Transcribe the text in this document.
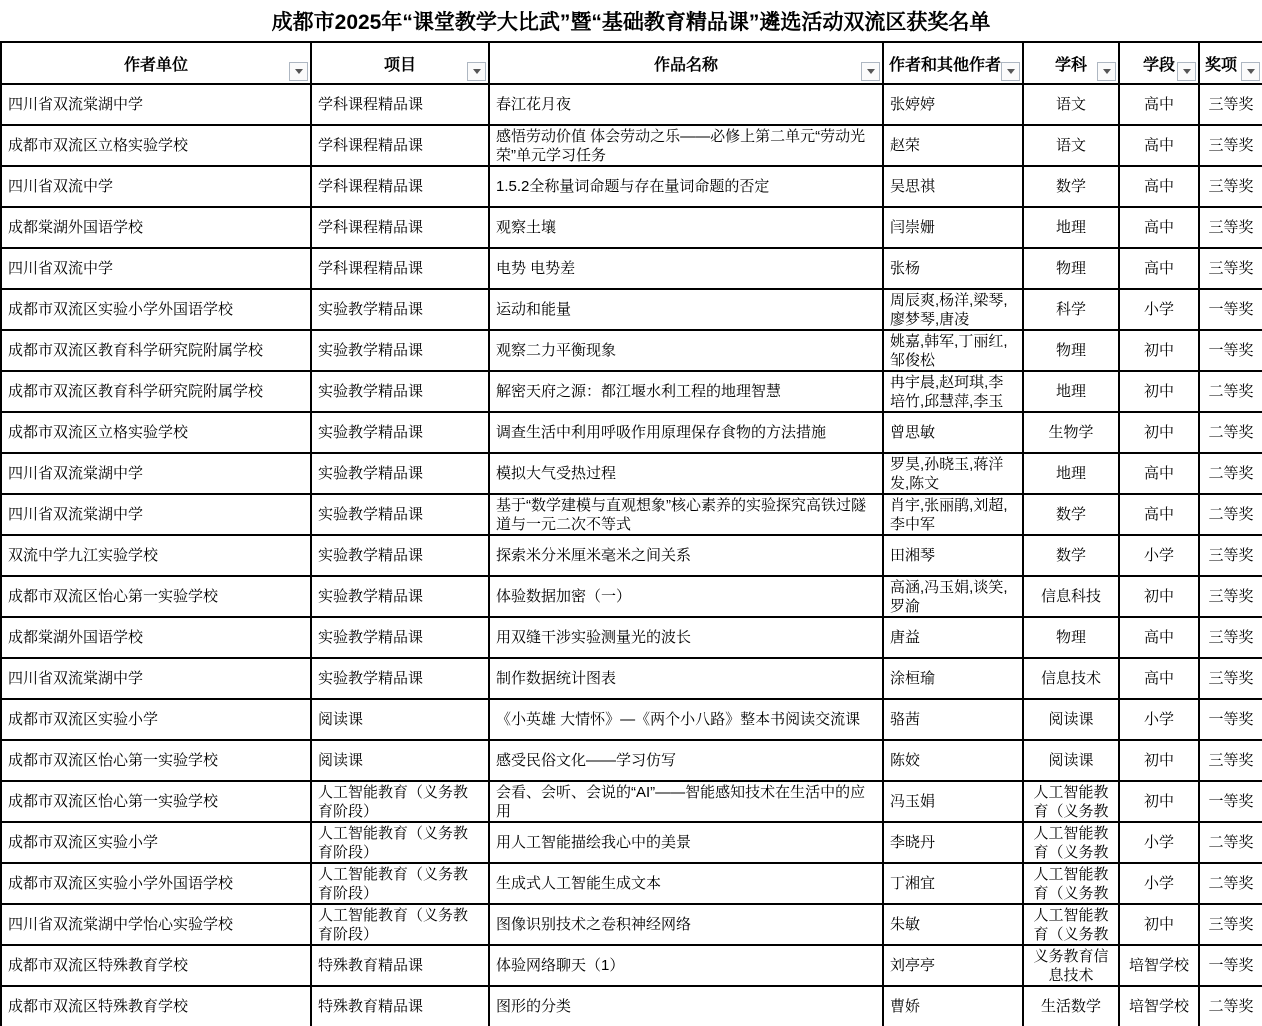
成都市2025年“课堂教学大比武”暨“基础教育精品课”遴选活动双流区获奖名单
作者单位	项目	作品名称	作者和其他作者	学科	学段	奖项

四川省双流棠湖中学	学科课程精品课	春江花月夜	张婷婷	语文	高中	三等奖

成都市双流区立格实验学校	学科课程精品课	感悟劳动价值 体会劳动之乐——必修上第二单元“劳动光荣”单元学习任务	赵荣	语文	高中	三等奖

四川省双流中学	学科课程精品课	1.5.2全称量词命题与存在量词命题的否定	吴思祺	数学	高中	三等奖

成都棠湖外国语学校	学科课程精品课	观察土壤	闫崇姗	地理	高中	三等奖

四川省双流中学	学科课程精品课	电势 电势差	张杨	物理	高中	三等奖

成都市双流区实验小学外国语学校	实验教学精品课	运动和能量	周辰爽,杨洋,梁琴,廖梦琴,唐凌	科学	小学	一等奖

成都市双流区教育科学研究院附属学校	实验教学精品课	观察二力平衡现象	姚嘉,韩军,丁丽红,邹俊松	物理	初中	一等奖

成都市双流区教育科学研究院附属学校	实验教学精品课	解密天府之源：都江堰水利工程的地理智慧	冉宇晨,赵珂琪,李培竹,邱慧萍,李玉	地理	初中	二等奖

成都市双流区立格实验学校	实验教学精品课	调查生活中利用呼吸作用原理保存食物的方法措施	曾思敏	生物学	初中	二等奖

四川省双流棠湖中学	实验教学精品课	模拟大气受热过程	罗昊,孙晓玉,蒋洋发,陈文	地理	高中	二等奖

四川省双流棠湖中学	实验教学精品课	基于“数学建模与直观想象”核心素养的实验探究高铁过隧道与一元二次不等式	肖宇,张丽鹃,刘超,李中军	数学	高中	二等奖

双流中学九江实验学校	实验教学精品课	探索米分米厘米毫米之间关系	田湘琴	数学	小学	三等奖

成都市双流区怡心第一实验学校	实验教学精品课	体验数据加密（一）	高涵,冯玉娟,谈笑,罗渝	信息科技	初中	三等奖

成都棠湖外国语学校	实验教学精品课	用双缝干涉实验测量光的波长	唐益	物理	高中	三等奖

四川省双流棠湖中学	实验教学精品课	制作数据统计图表	涂桓瑜	信息技术	高中	三等奖

成都市双流区实验小学	阅读课	《小英雄 大情怀》—《两个小八路》整本书阅读交流课	骆茜	阅读课	小学	一等奖

成都市双流区怡心第一实验学校	阅读课	感受民俗文化——学习仿写	陈姣	阅读课	初中	三等奖

成都市双流区怡心第一实验学校	人工智能教育（义务教育阶段）	会看、会听、会说的“AI”——智能感知技术在生活中的应用	冯玉娟	人工智能教育（义务教	初中	一等奖

成都市双流区实验小学	人工智能教育（义务教育阶段）	用人工智能描绘我心中的美景	李晓丹	人工智能教育（义务教	小学	二等奖

成都市双流区实验小学外国语学校	人工智能教育（义务教育阶段）	生成式人工智能生成文本	丁湘宜	人工智能教育（义务教	小学	二等奖

四川省双流棠湖中学怡心实验学校	人工智能教育（义务教育阶段）	图像识别技术之卷积神经网络	朱敏	人工智能教育（义务教	初中	三等奖

成都市双流区特殊教育学校	特殊教育精品课	体验网络聊天（1）	刘亭亭	义务教育信息技术	培智学校	一等奖

成都市双流区特殊教育学校	特殊教育精品课	图形的分类	曹娇	生活数学	培智学校	二等奖
